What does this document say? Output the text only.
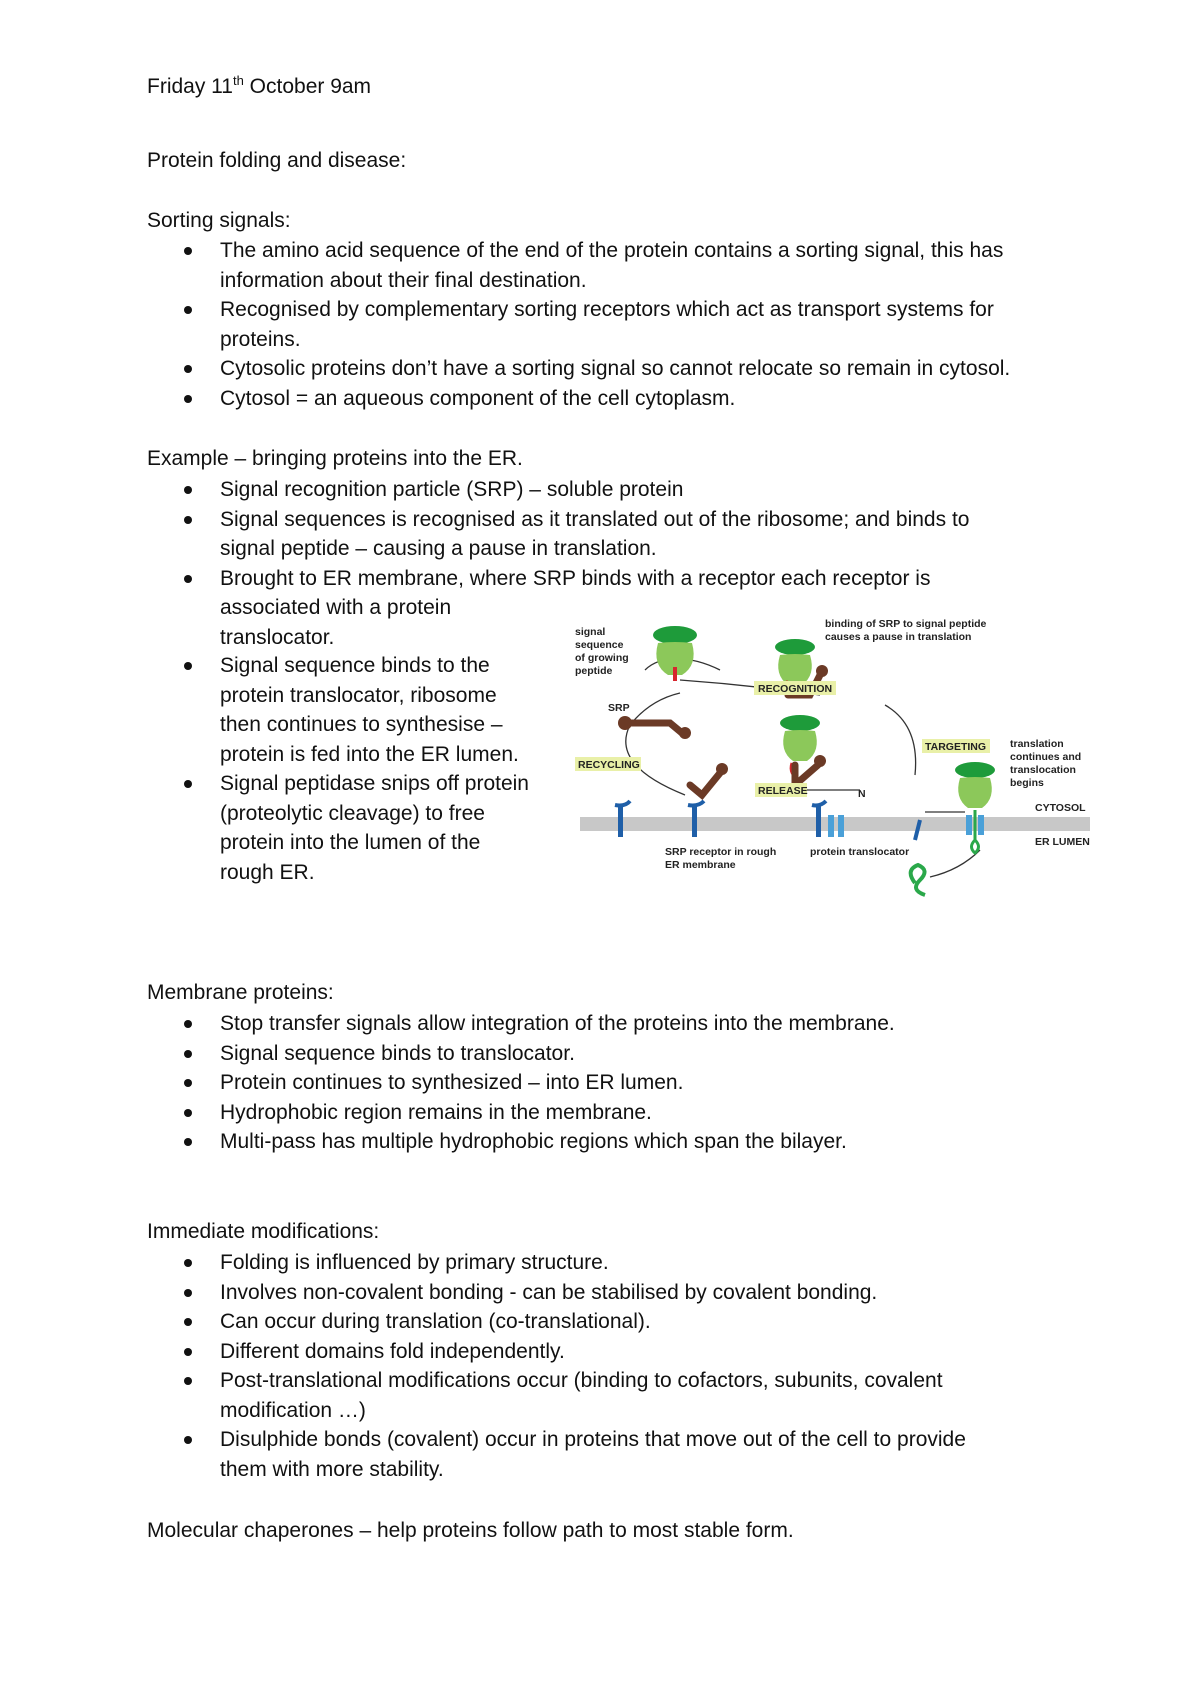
Friday 11th October 9am
Protein folding and disease:
Sorting signals:
The amino acid sequence of the end of the protein contains a sorting signal, this has
information about their final destination.
Recognised by complementary sorting receptors which act as transport systems for
proteins.
Cytosolic proteins don’t have a sorting signal so cannot relocate so remain in cytosol.
Cytosol = an aqueous component of the cell cytoplasm.
Example – bringing proteins into the ER.
Signal recognition particle (SRP) – soluble protein
Signal sequences is recognised as it translated out of the ribosome; and binds to
signal peptide – causing a pause in translation.
Brought to ER membrane, where SRP binds with a receptor each receptor is
associated with a protein
translocator.
Signal sequence binds to the
protein translocator, ribosome
then continues to synthesise –
protein is fed into the ER lumen.
Signal peptidase snips off protein
(proteolytic cleavage) to free
protein into the lumen of the
rough ER.
RECOGNITION
TARGETING
RECYCLING
RELEASE
signal sequence of growing peptide
SRP
binding of SRP to signal peptide causes a pause in translation
translation continues and translocation begins
CYTOSOL
ER LUMEN
N
SRP receptor in rough ER membrane
protein translocator
Membrane proteins:
Stop transfer signals allow integration of the proteins into the membrane.
Signal sequence binds to translocator.
Protein continues to synthesized – into ER lumen.
Hydrophobic region remains in the membrane.
Multi-pass has multiple hydrophobic regions which span the bilayer.
Immediate modifications:
Folding is influenced by primary structure.
Involves non-covalent bonding - can be stabilised by covalent bonding.
Can occur during translation (co-translational).
Different domains fold independently.
Post-translational modifications occur (binding to cofactors, subunits, covalent
modification …)
Disulphide bonds (covalent) occur in proteins that move out of the cell to provide
them with more stability.
Molecular chaperones – help proteins follow path to most stable form.
